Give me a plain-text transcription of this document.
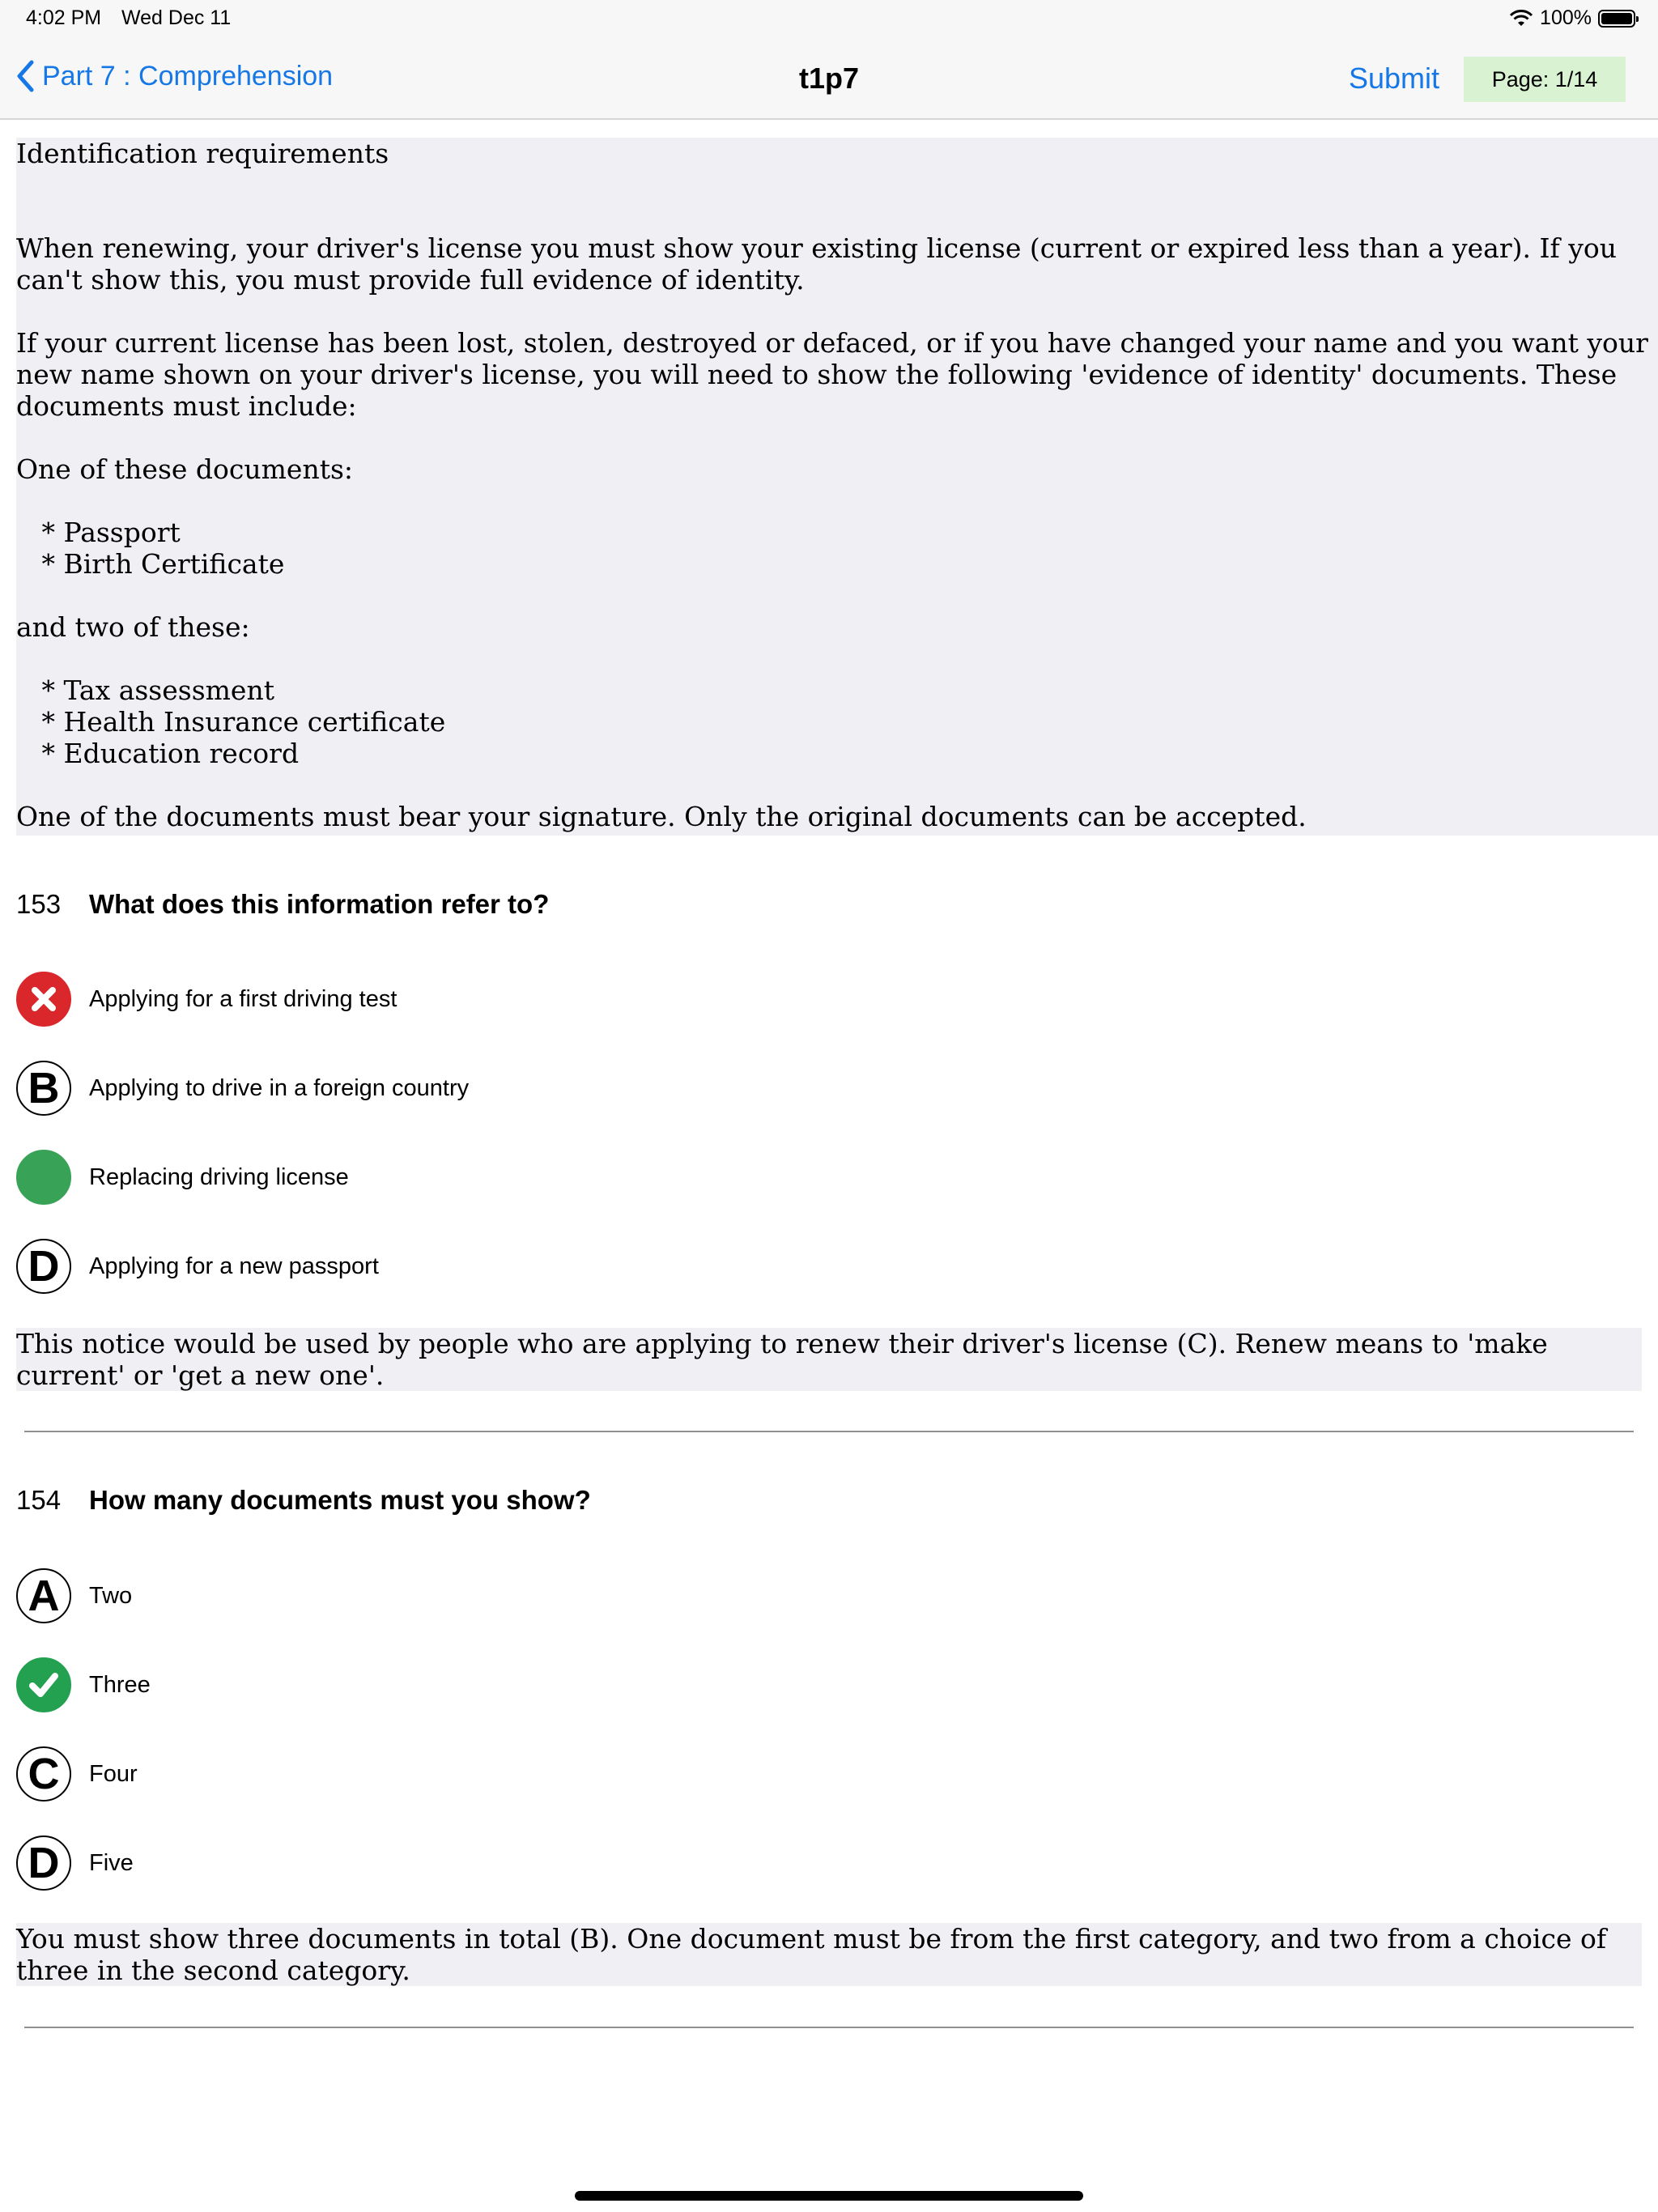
4:02 PM Wed Dec 11	100%
Part 7 : Comprehension	t1p7	Submit	Page: 1/14
Identification requirements

When renewing, your driver's license you must show your existing license (current or expired less than a year). If you can't show this, you must provide full evidence of identity.

If your current license has been lost, stolen, destroyed or defaced, or if you have changed your name and you want your new name shown on your driver's license, you will need to show the following 'evidence of identity' documents. These documents must include:

One of these documents:

* Passport
* Birth Certificate

and two of these:

* Tax assessment
* Health Insurance certificate
* Education record

One of the documents must bear your signature. Only the original documents can be accepted.
153	What does this information refer to?
Applying for a first driving test
B	Applying to drive in a foreign country
Replacing driving license
D	Applying for a new passport
This notice would be used by people who are applying to renew their driver's license (C). Renew means to 'make current' or 'get a new one'.
154	How many documents must you show?
A	Two
Three
C	Four
D	Five
You must show three documents in total (B). One document must be from the first category, and two from a choice of three in the second category.
